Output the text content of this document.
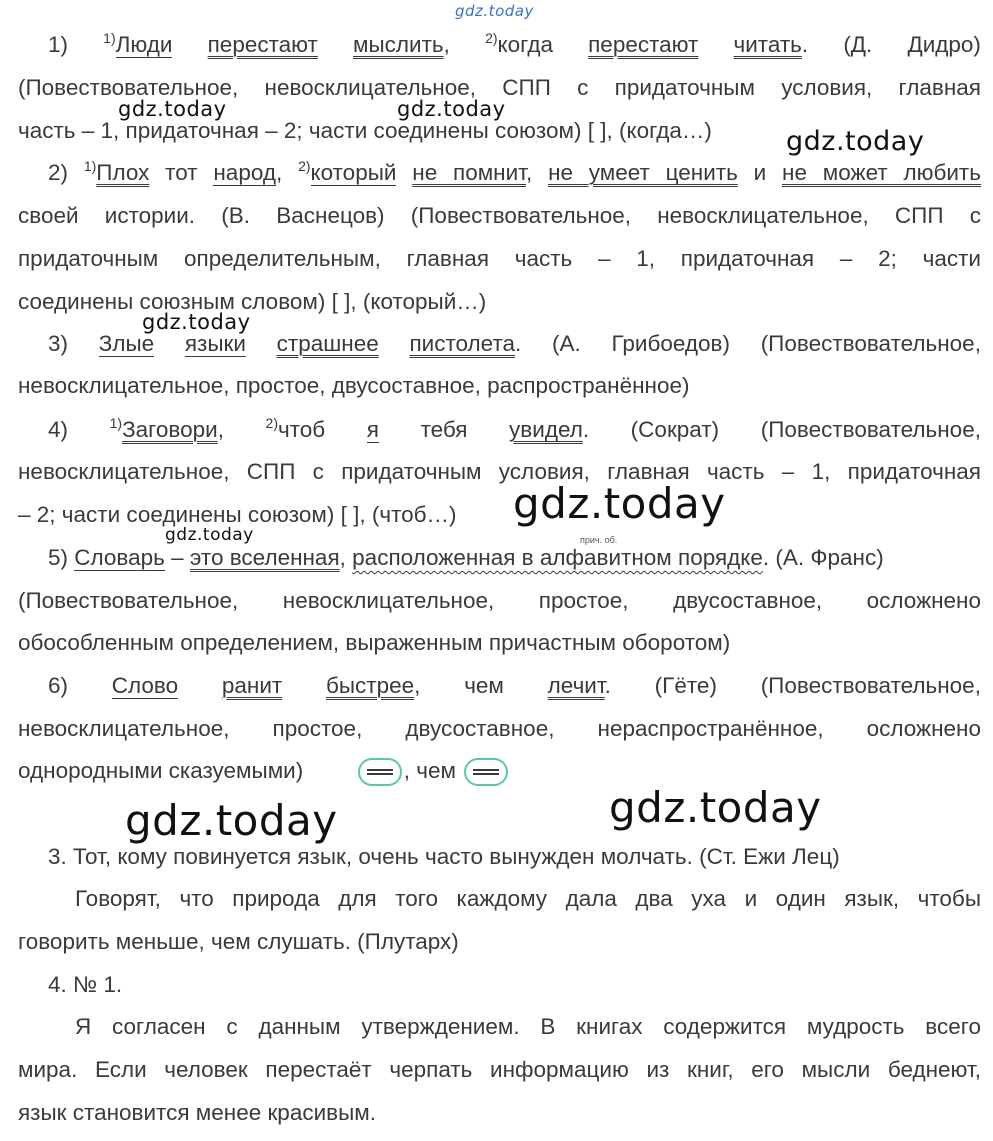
gdz.today
gdz.today	gdz.today
gdz.today
gdz.today
gdz.today
gdz.today
gdz.today	gdz.today
1)	$^{1)}$Люди перестают мыслить,	$^{2)}$когда перестают читать. (Д. Дидро)
(Повествовательное, невосклицательное, СПП с придаточным условия, главная
часть – 1, придаточная – 2; части соединены союзом) [ ], (когда…)
2) $^{1)}$Плох тот народ, $^{2)}$который не помнит, не умеет ценить и не может любить
своей истории. (В. Васнецов) (Повествовательное, невосклицательное, СПП с
придаточным определительным, главная часть – 1, придаточная – 2; части
соединены союзным словом) [ ], (который…)
3) Злые языки страшнее пистолета. (А. Грибоедов) (Повествовательное,
невосклицательное, простое, двусоставное, распространённое)
4)	$^{1)}$Заговори,	$^{2)}$чтоб я тебя увидел. (Сократ) (Повествовательное,
невосклицательное, СПП с придаточным условия, главная часть – 1, придаточная
– 2; части соединены союзом) [ ], (чтоб…)
5) Словарь – это вселенная, расположенная в алфавитном порядке. (А. Франс)
прич. об.
(Повествовательное, невосклицательное, простое, двусоставное, осложнено
обособленным определением, выраженным причастным оборотом)
6) Слово ранит быстрее, чем лечит. (Гёте) (Повествовательное,
невосклицательное, простое, двусоставное, нераспространённое, осложнено
однородными сказуемыми)	, чем
3. Тот, кому повинуется язык, очень часто вынужден молчать. (Ст. Ежи Лец)
Говорят, что природа для того каждому дала два уха и один язык, чтобы
говорить меньше, чем слушать. (Плутарх)
4. № 1.
Я согласен с данным утверждением. В книгах содержится мудрость всего
мира. Если человек перестаёт черпать информацию из книг, его мысли беднеют,
язык становится менее красивым.
